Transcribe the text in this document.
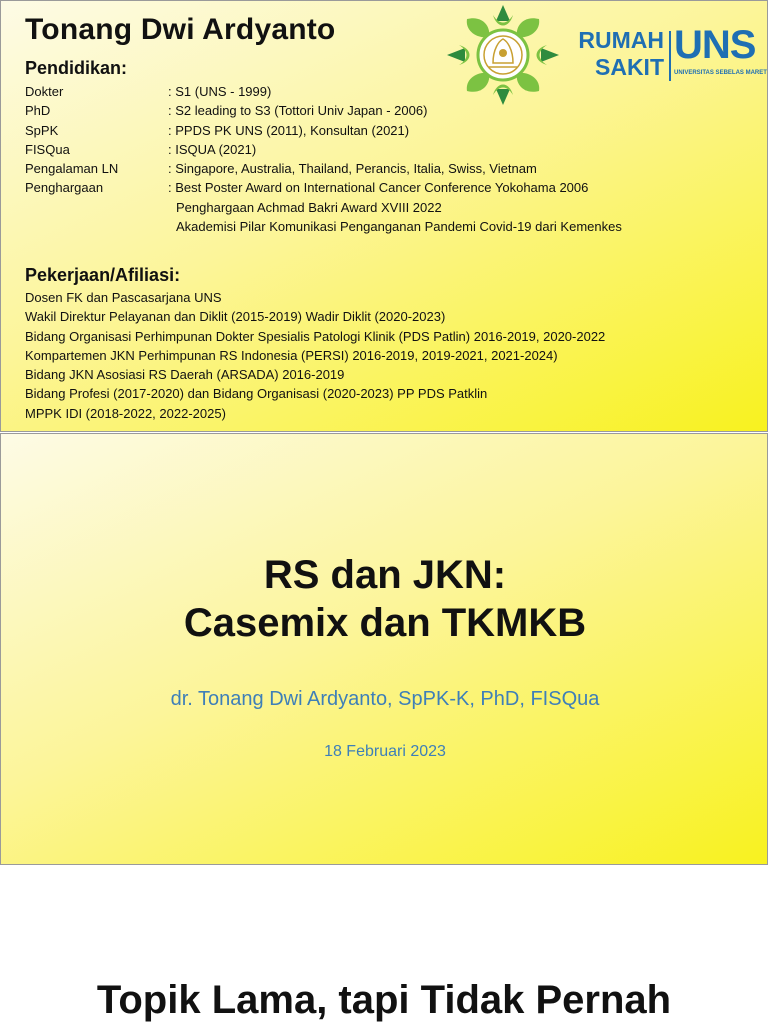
Tonang Dwi Ardyanto	RUMAH
SAKIT UNS
UNIVERSITAS SEBELAS MARET
Pendidikan:
Dokter	: S1 (UNS - 1999)
PhD	: S2 leading to S3 (Tottori Univ Japan - 2006)
SpPK	: PPDS PK UNS (2011), Konsultan (2021)
FISQua	: ISQUA (2021)
Pengalaman LN	: Singapore, Australia, Thailand, Perancis, Italia, Swiss, Vietnam
Penghargaan	: Best Poster Award on International Cancer Conference Yokohama 2006
Penghargaan Achmad Bakri Award XVIII 2022
Akademisi Pilar Komunikasi Penganganan Pandemi Covid-19 dari Kemenkes
Pekerjaan/Afiliasi:
Dosen FK dan Pascasarjana UNS
Wakil Direktur Pelayanan dan Diklit (2015-2019) Wadir Diklit (2020-2023)
Bidang Organisasi Perhimpunan Dokter Spesialis Patologi Klinik (PDS Patlin) 2016-2019, 2020-2022
Kompartemen JKN Perhimpunan RS Indonesia (PERSI) 2016-2019, 2019-2021, 2021-2024)
Bidang JKN Asosiasi RS Daerah (ARSADA) 2016-2019
Bidang Profesi (2017-2020) dan Bidang Organisasi (2020-2023) PP PDS Patklin
MPPK IDI (2018-2022, 2022-2025)
RS dan JKN:
Casemix dan TKMKB

dr. Tonang Dwi Ardyanto, SpPK-K, PhD, FISQua

18 Februari 2023

Topik Lama, tapi Tidak Pernah
